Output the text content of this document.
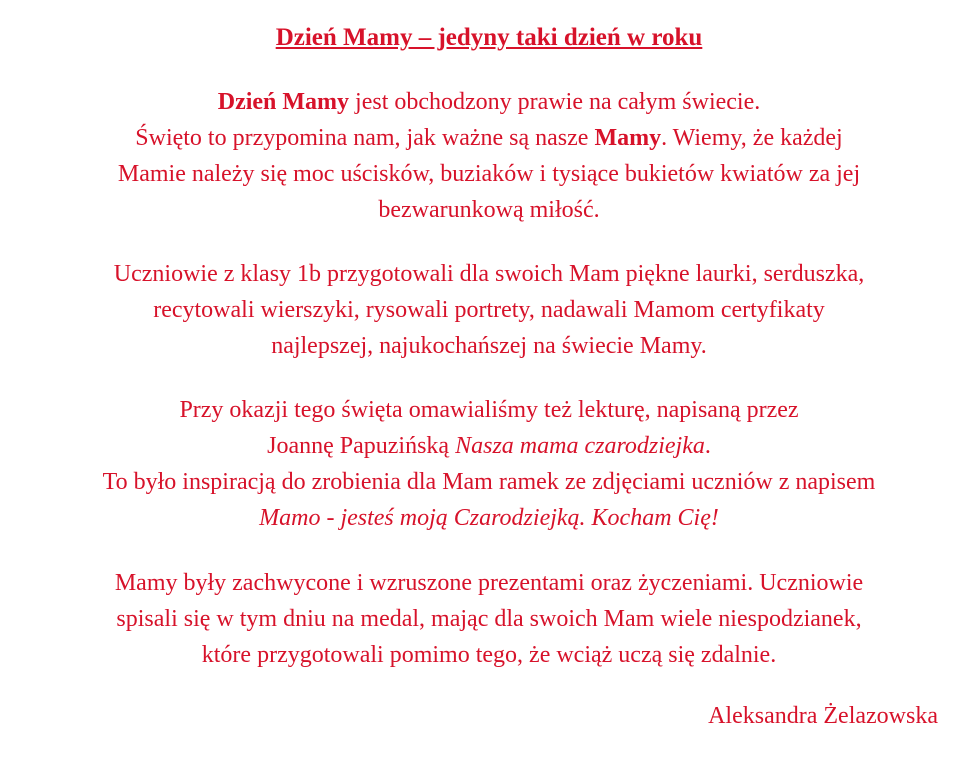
Dzień Mamy – jedyny taki dzień w roku

Dzień Mamy jest obchodzony prawie na całym świecie.
Święto to przypomina nam, jak ważne są nasze Mamy. Wiemy, że każdej
Mamie należy się moc uścisków, buziaków i tysiące bukietów kwiatów za jej
bezwarunkową miłość.

Uczniowie z klasy 1b przygotowali dla swoich Mam piękne laurki, serduszka,
recytowali wierszyki, rysowali portrety, nadawali Mamom certyfikaty
najlepszej, najukochańszej na świecie Mamy.

Przy okazji tego święta omawialiśmy też lekturę, napisaną przez
Joannę Papuzińską Nasza mama czarodziejka.
To było inspiracją do zrobienia dla Mam ramek ze zdjęciami uczniów z napisem
Mamo - jesteś moją Czarodziejką. Kocham Cię!

Mamy były zachwycone i wzruszone prezentami oraz życzeniami. Uczniowie
spisali się w tym dniu na medal, mając dla swoich Mam wiele niespodzianek,
które przygotowali pomimo tego, że wciąż uczą się zdalnie.

Aleksandra Żelazowska
